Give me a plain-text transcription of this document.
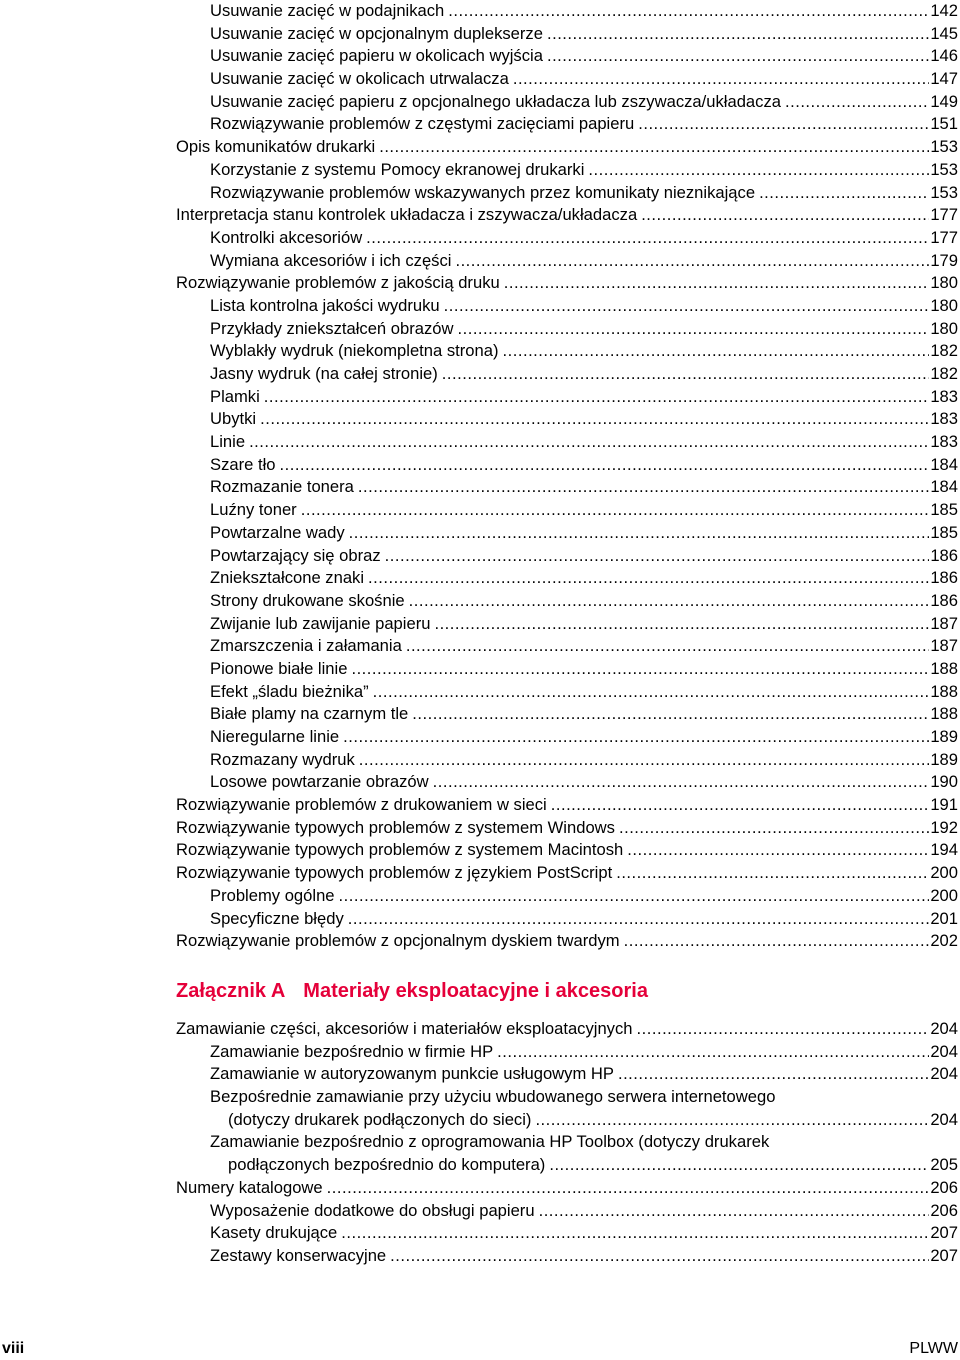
Usuwanie zacięć w podajnikach .....	142
Usuwanie zacięć w opcjonalnym duplekserze .....	145
Usuwanie zacięć papieru w okolicach wyjścia .....	146
Usuwanie zacięć w okolicach utrwalacza .....	147
Usuwanie zacięć papieru z opcjonalnego układacza lub zszywacza/układacza .....	149
Rozwiązywanie problemów z częstymi zacięciami papieru .....	151
Opis komunikatów drukarki .....	153
Korzystanie z systemu Pomocy ekranowej drukarki .....	153
Rozwiązywanie problemów wskazywanych przez komunikaty nieznikające .....	153
Interpretacja stanu kontrolek układacza i zszywacza/układacza .....	177
Kontrolki akcesoriów .....	177
Wymiana akcesoriów i ich części .....	179
Rozwiązywanie problemów z jakością druku .....	180
Lista kontrolna jakości wydruku .....	180
Przykłady zniekształceń obrazów .....	180
Wyblakły wydruk (niekompletna strona) .....	182
Jasny wydruk (na całej stronie) .....	182
Plamki .....	183
Ubytki .....	183
Linie .....	183
Szare tło .....	184
Rozmazanie tonera .....	184
Luźny toner .....	185
Powtarzalne wady .....	185
Powtarzający się obraz .....	186
Zniekształcone znaki .....	186
Strony drukowane skośnie .....	186
Zwijanie lub zawijanie papieru .....	187
Zmarszczenia i załamania .....	187
Pionowe białe linie .....	188
Efekt „śladu bieżnika” .....	188
Białe plamy na czarnym tle .....	188
Nieregularne linie .....	189
Rozmazany wydruk .....	189
Losowe powtarzanie obrazów .....	190
Rozwiązywanie problemów z drukowaniem w sieci .....	191
Rozwiązywanie typowych problemów z systemem Windows .....	192
Rozwiązywanie typowych problemów z systemem Macintosh .....	194
Rozwiązywanie typowych problemów z językiem PostScript .....	200
Problemy ogólne .....	200
Specyficzne błędy .....	201
Rozwiązywanie problemów z opcjonalnym dyskiem twardym .....	202
Załącznik A Materiały eksploatacyjne i akcesoria
Zamawianie części, akcesoriów i materiałów eksploatacyjnych .....	204
Zamawianie bezpośrednio w firmie HP .....	204
Zamawianie w autoryzowanym punkcie usługowym HP .....	204
Bezpośrednie zamawianie przy użyciu wbudowanego serwera internetowego
(dotyczy drukarek podłączonych do sieci) .....	204
Zamawianie bezpośrednio z oprogramowania HP Toolbox (dotyczy drukarek
podłączonych bezpośrednio do komputera) .....	205
Numery katalogowe .....	206
Wyposażenie dodatkowe do obsługi papieru .....	206
Kasety drukujące .....	207
Zestawy konserwacyjne .....	207
viii	PLWW
